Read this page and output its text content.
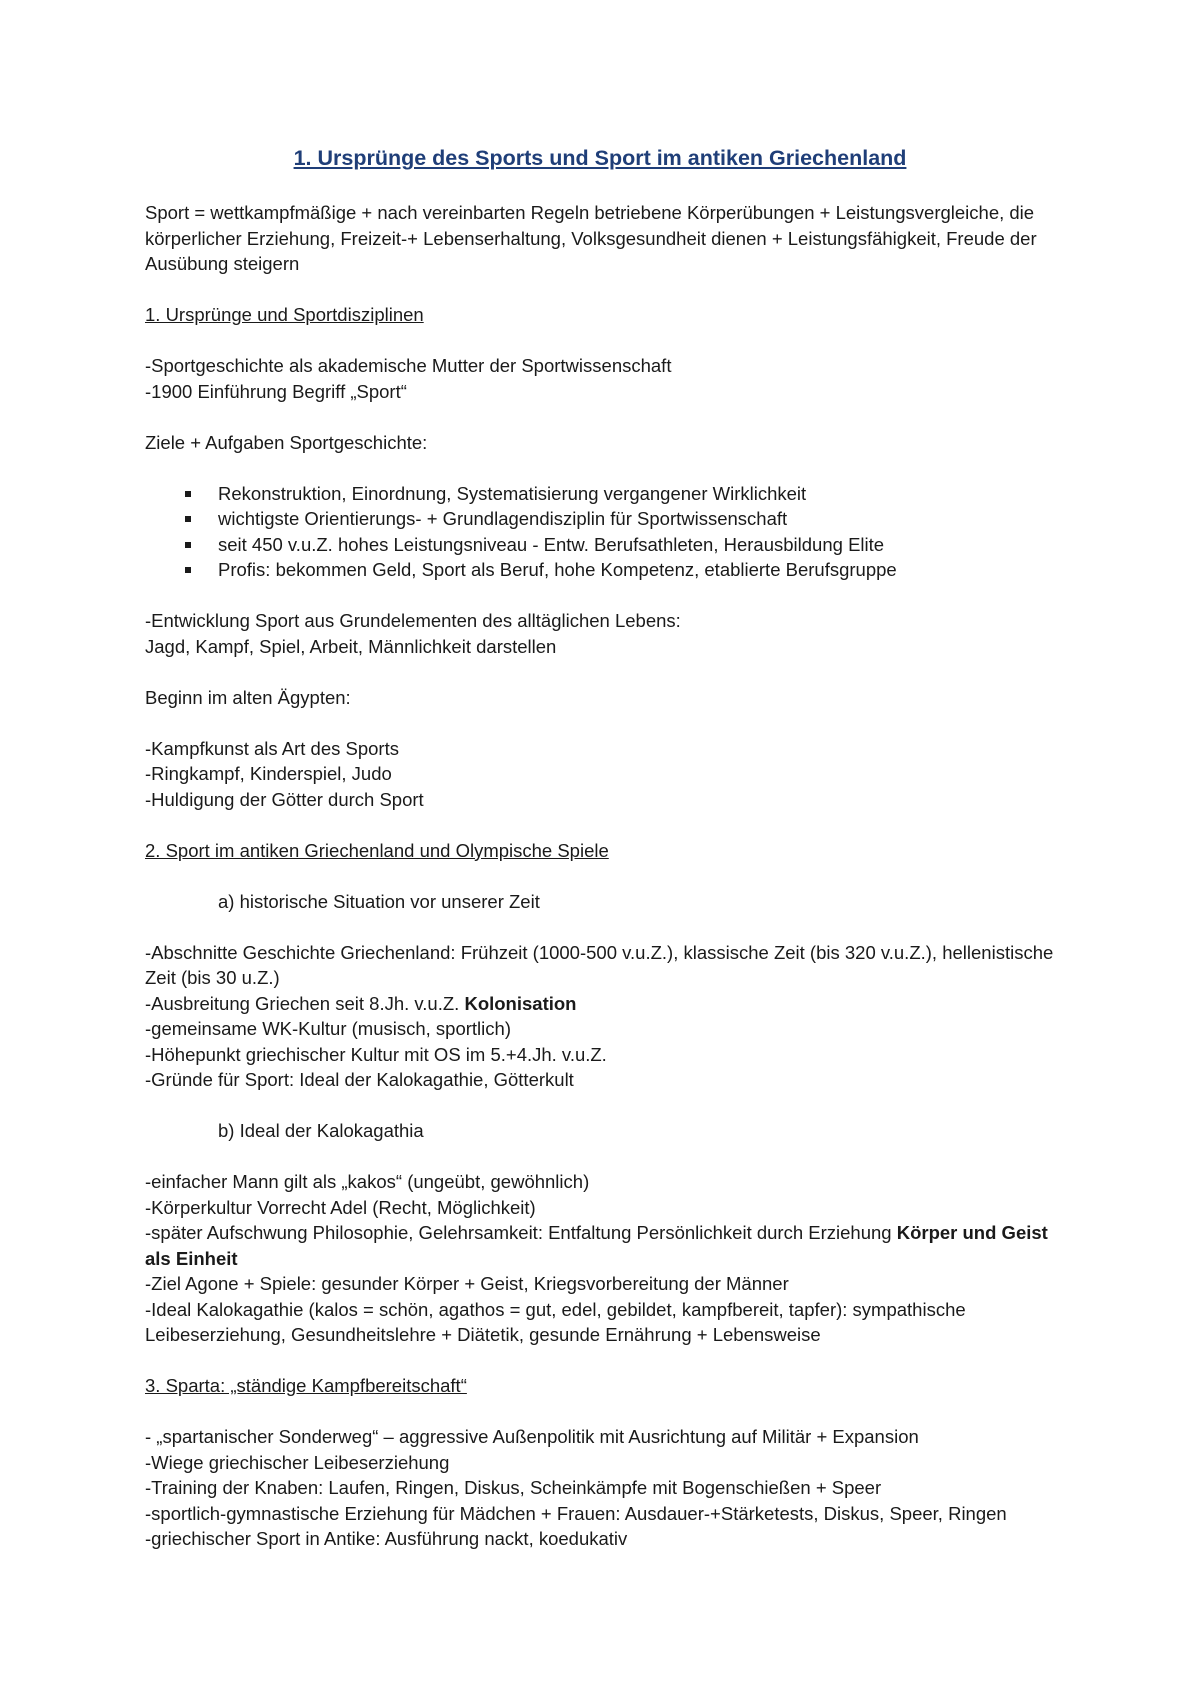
1. Ursprünge des Sports und Sport im antiken Griechenland

Sport = wettkampfmäßige + nach vereinbarten Regeln betriebene Körperübungen + Leistungsvergleiche, die körperlicher Erziehung, Freizeit-+ Lebenserhaltung, Volksgesundheit dienen + Leistungsfähigkeit, Freude der Ausübung steigern

1. Ursprünge und Sportdisziplinen

-Sportgeschichte als akademische Mutter der Sportwissenschaft

-1900 Einführung Begriff „Sport“

Ziele + Aufgaben Sportgeschichte:

Rekonstruktion, Einordnung, Systematisierung vergangener Wirklichkeit
wichtigste Orientierungs- + Grundlagendisziplin für Sportwissenschaft
seit 450 v.u.Z. hohes Leistungsniveau - Entw. Berufsathleten, Herausbildung Elite
Profis: bekommen Geld, Sport als Beruf, hohe Kompetenz, etablierte Berufsgruppe

-Entwicklung Sport aus Grundelementen des alltäglichen Lebens: Jagd, Kampf, Spiel, Arbeit, Männlichkeit darstellen

Beginn im alten Ägypten:

-Kampfkunst als Art des Sports

-Ringkampf, Kinderspiel, Judo

-Huldigung der Götter durch Sport

2. Sport im antiken Griechenland und Olympische Spiele

a) historische Situation vor unserer Zeit

-Abschnitte Geschichte Griechenland: Frühzeit (1000-500 v.u.Z.), klassische Zeit (bis 320 v.u.Z.), hellenistische Zeit (bis 30 u.Z.)

-Ausbreitung Griechen seit 8.Jh. v.u.Z. Kolonisation

-gemeinsame WK-Kultur (musisch, sportlich)

-Höhepunkt griechischer Kultur mit OS im 5.+4.Jh. v.u.Z.

-Gründe für Sport: Ideal der Kalokagathie, Götterkult

b) Ideal der Kalokagathia

-einfacher Mann gilt als „kakos“ (ungeübt, gewöhnlich)

-Körperkultur Vorrecht Adel (Recht, Möglichkeit)

-später Aufschwung Philosophie, Gelehrsamkeit: Entfaltung Persönlichkeit durch Erziehung Körper und Geist als Einheit

-Ziel Agone + Spiele: gesunder Körper + Geist, Kriegsvorbereitung der Männer

-Ideal Kalokagathie (kalos = schön, agathos = gut, edel, gebildet, kampfbereit, tapfer): sympathische Leibeserziehung, Gesundheitslehre + Diätetik, gesunde Ernährung + Lebensweise

3. Sparta: „ständige Kampfbereitschaft“

- „spartanischer Sonderweg“ – aggressive Außenpolitik mit Ausrichtung auf Militär + Expansion

-Wiege griechischer Leibeserziehung

-Training der Knaben: Laufen, Ringen, Diskus, Scheinkämpfe mit Bogenschießen + Speer

-sportlich-gymnastische Erziehung für Mädchen + Frauen: Ausdauer-+Stärketests, Diskus, Speer, Ringen

-griechischer Sport in Antike: Ausführung nackt, koedukativ
